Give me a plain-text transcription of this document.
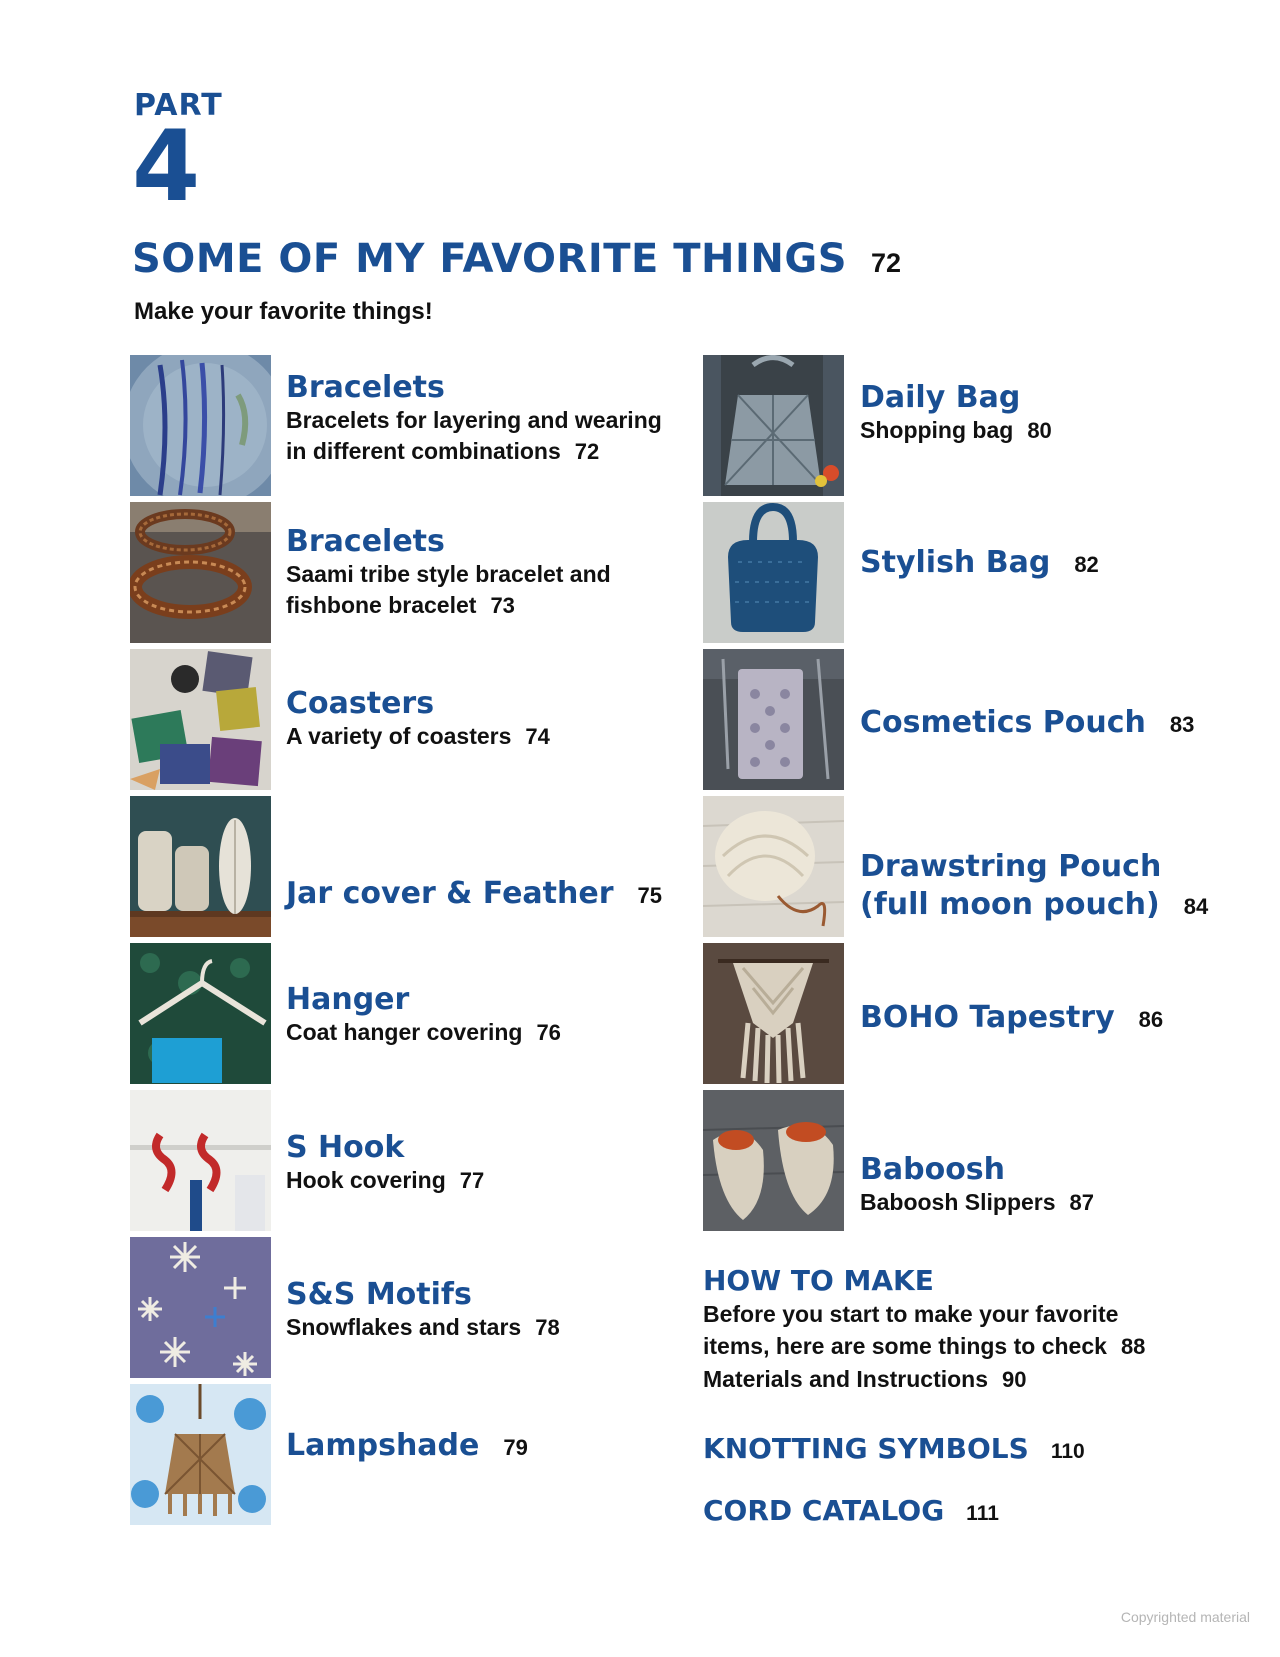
PART
4
SOME OF MY FAVORITE THINGS 72
Make your favorite things!
Bracelets
Bracelets for layering and wearing
in different combinations 72
Bracelets
Saami tribe style bracelet and
fishbone bracelet 73
Coasters
A variety of coasters 74
Jar cover & Feather 75
Hanger
Coat hanger covering 76
S Hook
Hook covering 77
S&S Motifs
Snowflakes and stars 78
Lampshade 79
Daily Bag
Shopping bag 80
Stylish Bag 82
Cosmetics Pouch 83
Drawstring Pouch
(full moon pouch) 84
BOHO Tapestry 86
Baboosh
Baboosh Slippers 87
HOW TO MAKE
Before you start to make your favorite
items, here are some things to check 88
Materials and Instructions 90
KNOTTING SYMBOLS 110
CORD CATALOG 111
Copyrighted material
